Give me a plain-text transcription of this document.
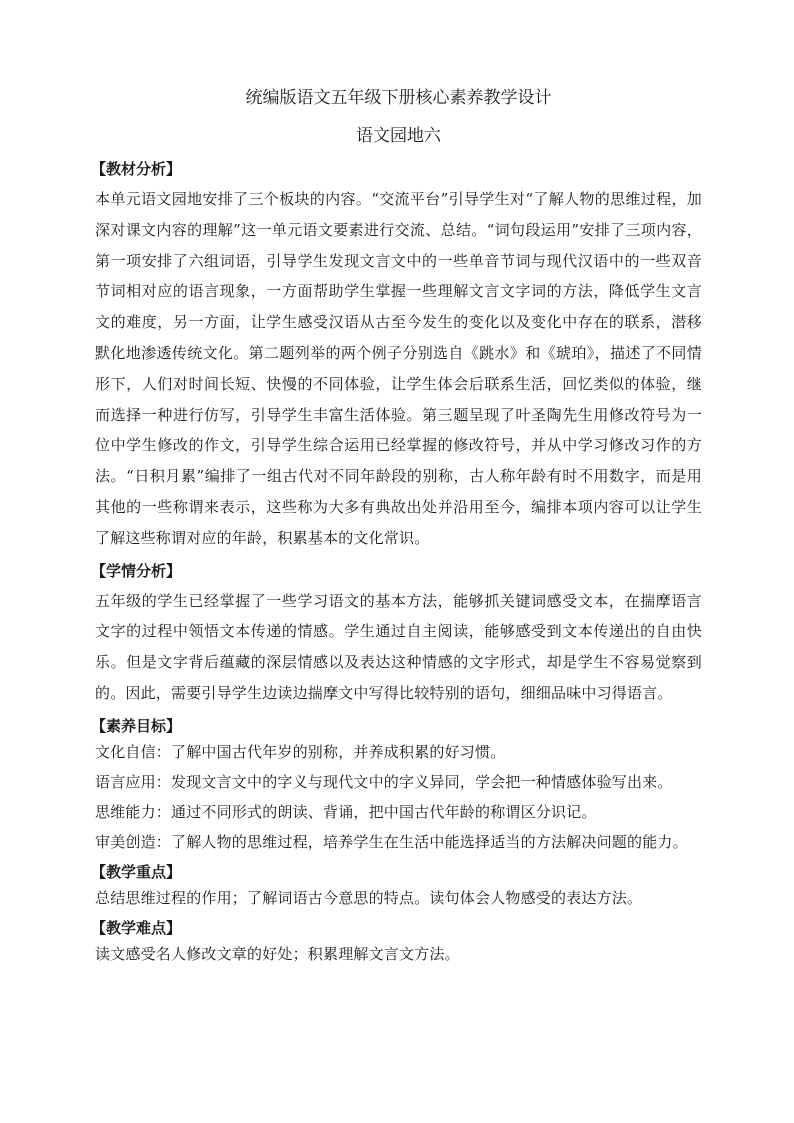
统编版语文五年级下册核心素养教学设计

语文园地六

【教材分析】

本单元语文园地安排了三个板块的内容。“交流平台”引导学生对“了解人物的思维过程，加深对课文内容的理解”这一单元语文要素进行交流、总结。“词句段运用”安排了三项内容，第一项安排了六组词语，引导学生发现文言文中的一些单音节词与现代汉语中的一些双音节词相对应的语言现象，一方面帮助学生掌握一些理解文言文字词的方法，降低学生文言文的难度，另一方面，让学生感受汉语从古至今发生的变化以及变化中存在的联系，潜移默化地渗透传统文化。第二题列举的两个例子分别选自《跳水》和《琥珀》，描述了不同情形下，人们对时间长短、快慢的不同体验，让学生体会后联系生活，回忆类似的体验，继而选择一种进行仿写，引导学生丰富生活体验。第三题呈现了叶圣陶先生用修改符号为一位中学生修改的作文，引导学生综合运用已经掌握的修改符号，并从中学习修改习作的方法。“日积月累”编排了一组古代对不同年龄段的别称，古人称年龄有时不用数字，而是用其他的一些称谓来表示，这些称为大多有典故出处并沿用至今，编排本项内容可以让学生了解这些称谓对应的年龄，积累基本的文化常识。

【学情分析】

五年级的学生已经掌握了一些学习语文的基本方法，能够抓关键词感受文本，在揣摩语言文字的过程中领悟文本传递的情感。学生通过自主阅读，能够感受到文本传递出的自由快乐。但是文字背后蕴藏的深层情感以及表达这种情感的文字形式，却是学生不容易觉察到的。因此，需要引导学生边读边揣摩文中写得比较特别的语句，细细品味中习得语言。

【素养目标】

文化自信：了解中国古代年岁的别称，并养成积累的好习惯。

语言应用：发现文言文中的字义与现代文中的字义异同，学会把一种情感体验写出来。

思维能力：通过不同形式的朗读、背诵，把中国古代年龄的称谓区分识记。

审美创造：了解人物的思维过程，培养学生在生活中能选择适当的方法解决问题的能力。

【教学重点】

总结思维过程的作用；了解词语古今意思的特点。读句体会人物感受的表达方法。

【教学难点】

读文感受名人修改文章的好处；积累理解文言文方法。
